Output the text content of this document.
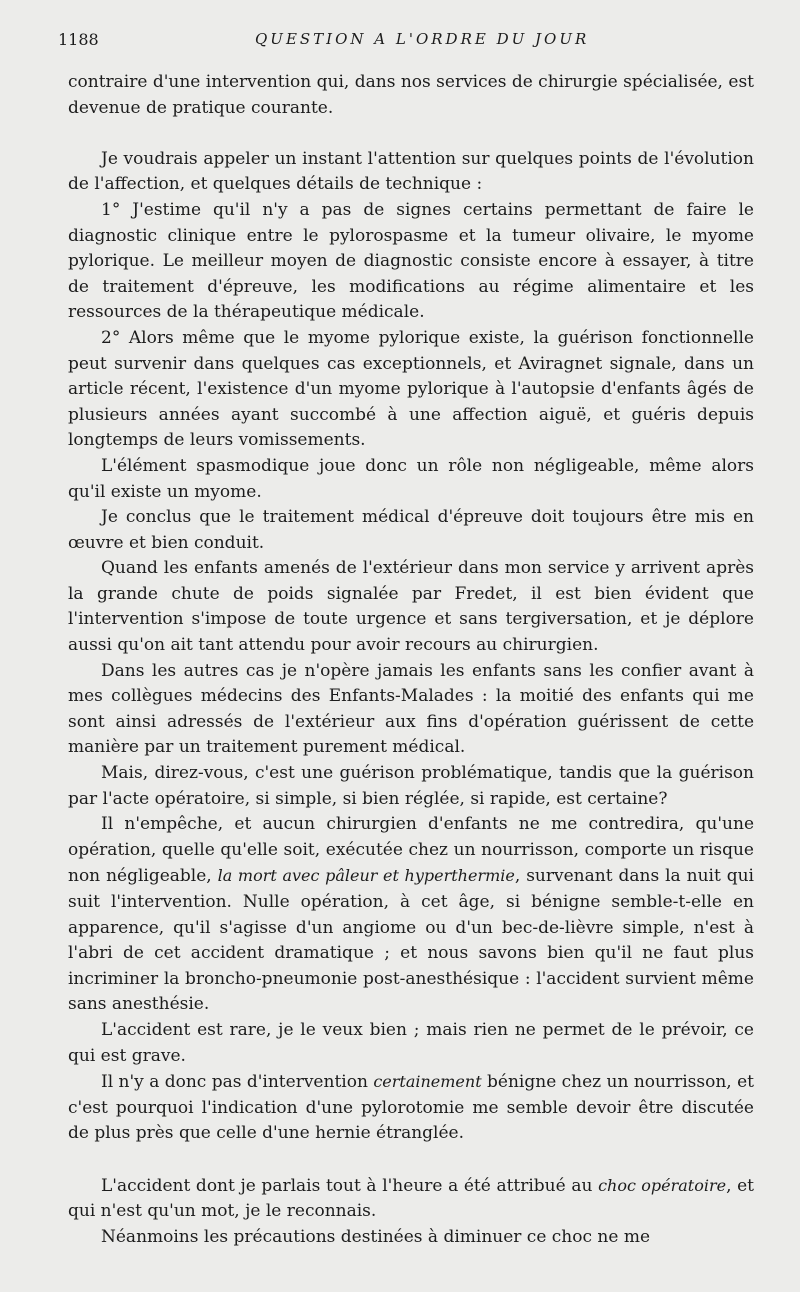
1188	QUESTION A L'ORDRE DU JOUR

contraire d'une intervention qui, dans nos services de chirurgie spécialisée, est devenue de pratique courante.

Je voudrais appeler un instant l'attention sur quelques points de l'évolution de l'affection, et quelques détails de technique :

1° J'estime qu'il n'y a pas de signes certains permettant de faire le diagnostic clinique entre le pylorospasme et la tumeur olivaire, le myome pylorique. Le meilleur moyen de diagnostic consiste encore à essayer, à titre de traitement d'épreuve, les modifications au régime alimentaire et les ressources de la thérapeutique médicale.

2° Alors même que le myome pylorique existe, la guérison fonctionnelle peut survenir dans quelques cas exceptionnels, et Aviragnet signale, dans un article récent, l'existence d'un myome pylorique à l'autopsie d'enfants âgés de plusieurs années ayant succombé à une affection aiguë, et guéris depuis longtemps de leurs vomissements.

L'élément spasmodique joue donc un rôle non négligeable, même alors qu'il existe un myome.

Je conclus que le traitement médical d'épreuve doit toujours être mis en œuvre et bien conduit.

Quand les enfants amenés de l'extérieur dans mon service y arrivent après la grande chute de poids signalée par Fredet, il est bien évident que l'intervention s'impose de toute urgence et sans tergiversation, et je déplore aussi qu'on ait tant attendu pour avoir recours au chirurgien.

Dans les autres cas je n'opère jamais les enfants sans les confier avant à mes collègues médecins des Enfants-Malades : la moitié des enfants qui me sont ainsi adressés de l'extérieur aux fins d'opération guérissent de cette manière par un traitement purement médical.

Mais, direz-vous, c'est une guérison problématique, tandis que la guérison par l'acte opératoire, si simple, si bien réglée, si rapide, est certaine?

Il n'empêche, et aucun chirurgien d'enfants ne me contredira, qu'une opération, quelle qu'elle soit, exécutée chez un nourrisson, comporte un risque non négligeable, la mort avec pâleur et hyperthermie, survenant dans la nuit qui suit l'intervention. Nulle opération, à cet âge, si bénigne semble-t-elle en apparence, qu'il s'agisse d'un angiome ou d'un bec-de-lièvre simple, n'est à l'abri de cet accident dramatique ; et nous savons bien qu'il ne faut plus incriminer la broncho-pneumonie post-anesthésique : l'accident survient même sans anesthésie.

L'accident est rare, je le veux bien ; mais rien ne permet de le prévoir, ce qui est grave.

Il n'y a donc pas d'intervention certainement bénigne chez un nourrisson, et c'est pourquoi l'indication d'une pylorotomie me semble devoir être discutée de plus près que celle d'une hernie étranglée.

L'accident dont je parlais tout à l'heure a été attribué au choc opératoire, et qui n'est qu'un mot, je le reconnais.

Néanmoins les précautions destinées à diminuer ce choc ne me
